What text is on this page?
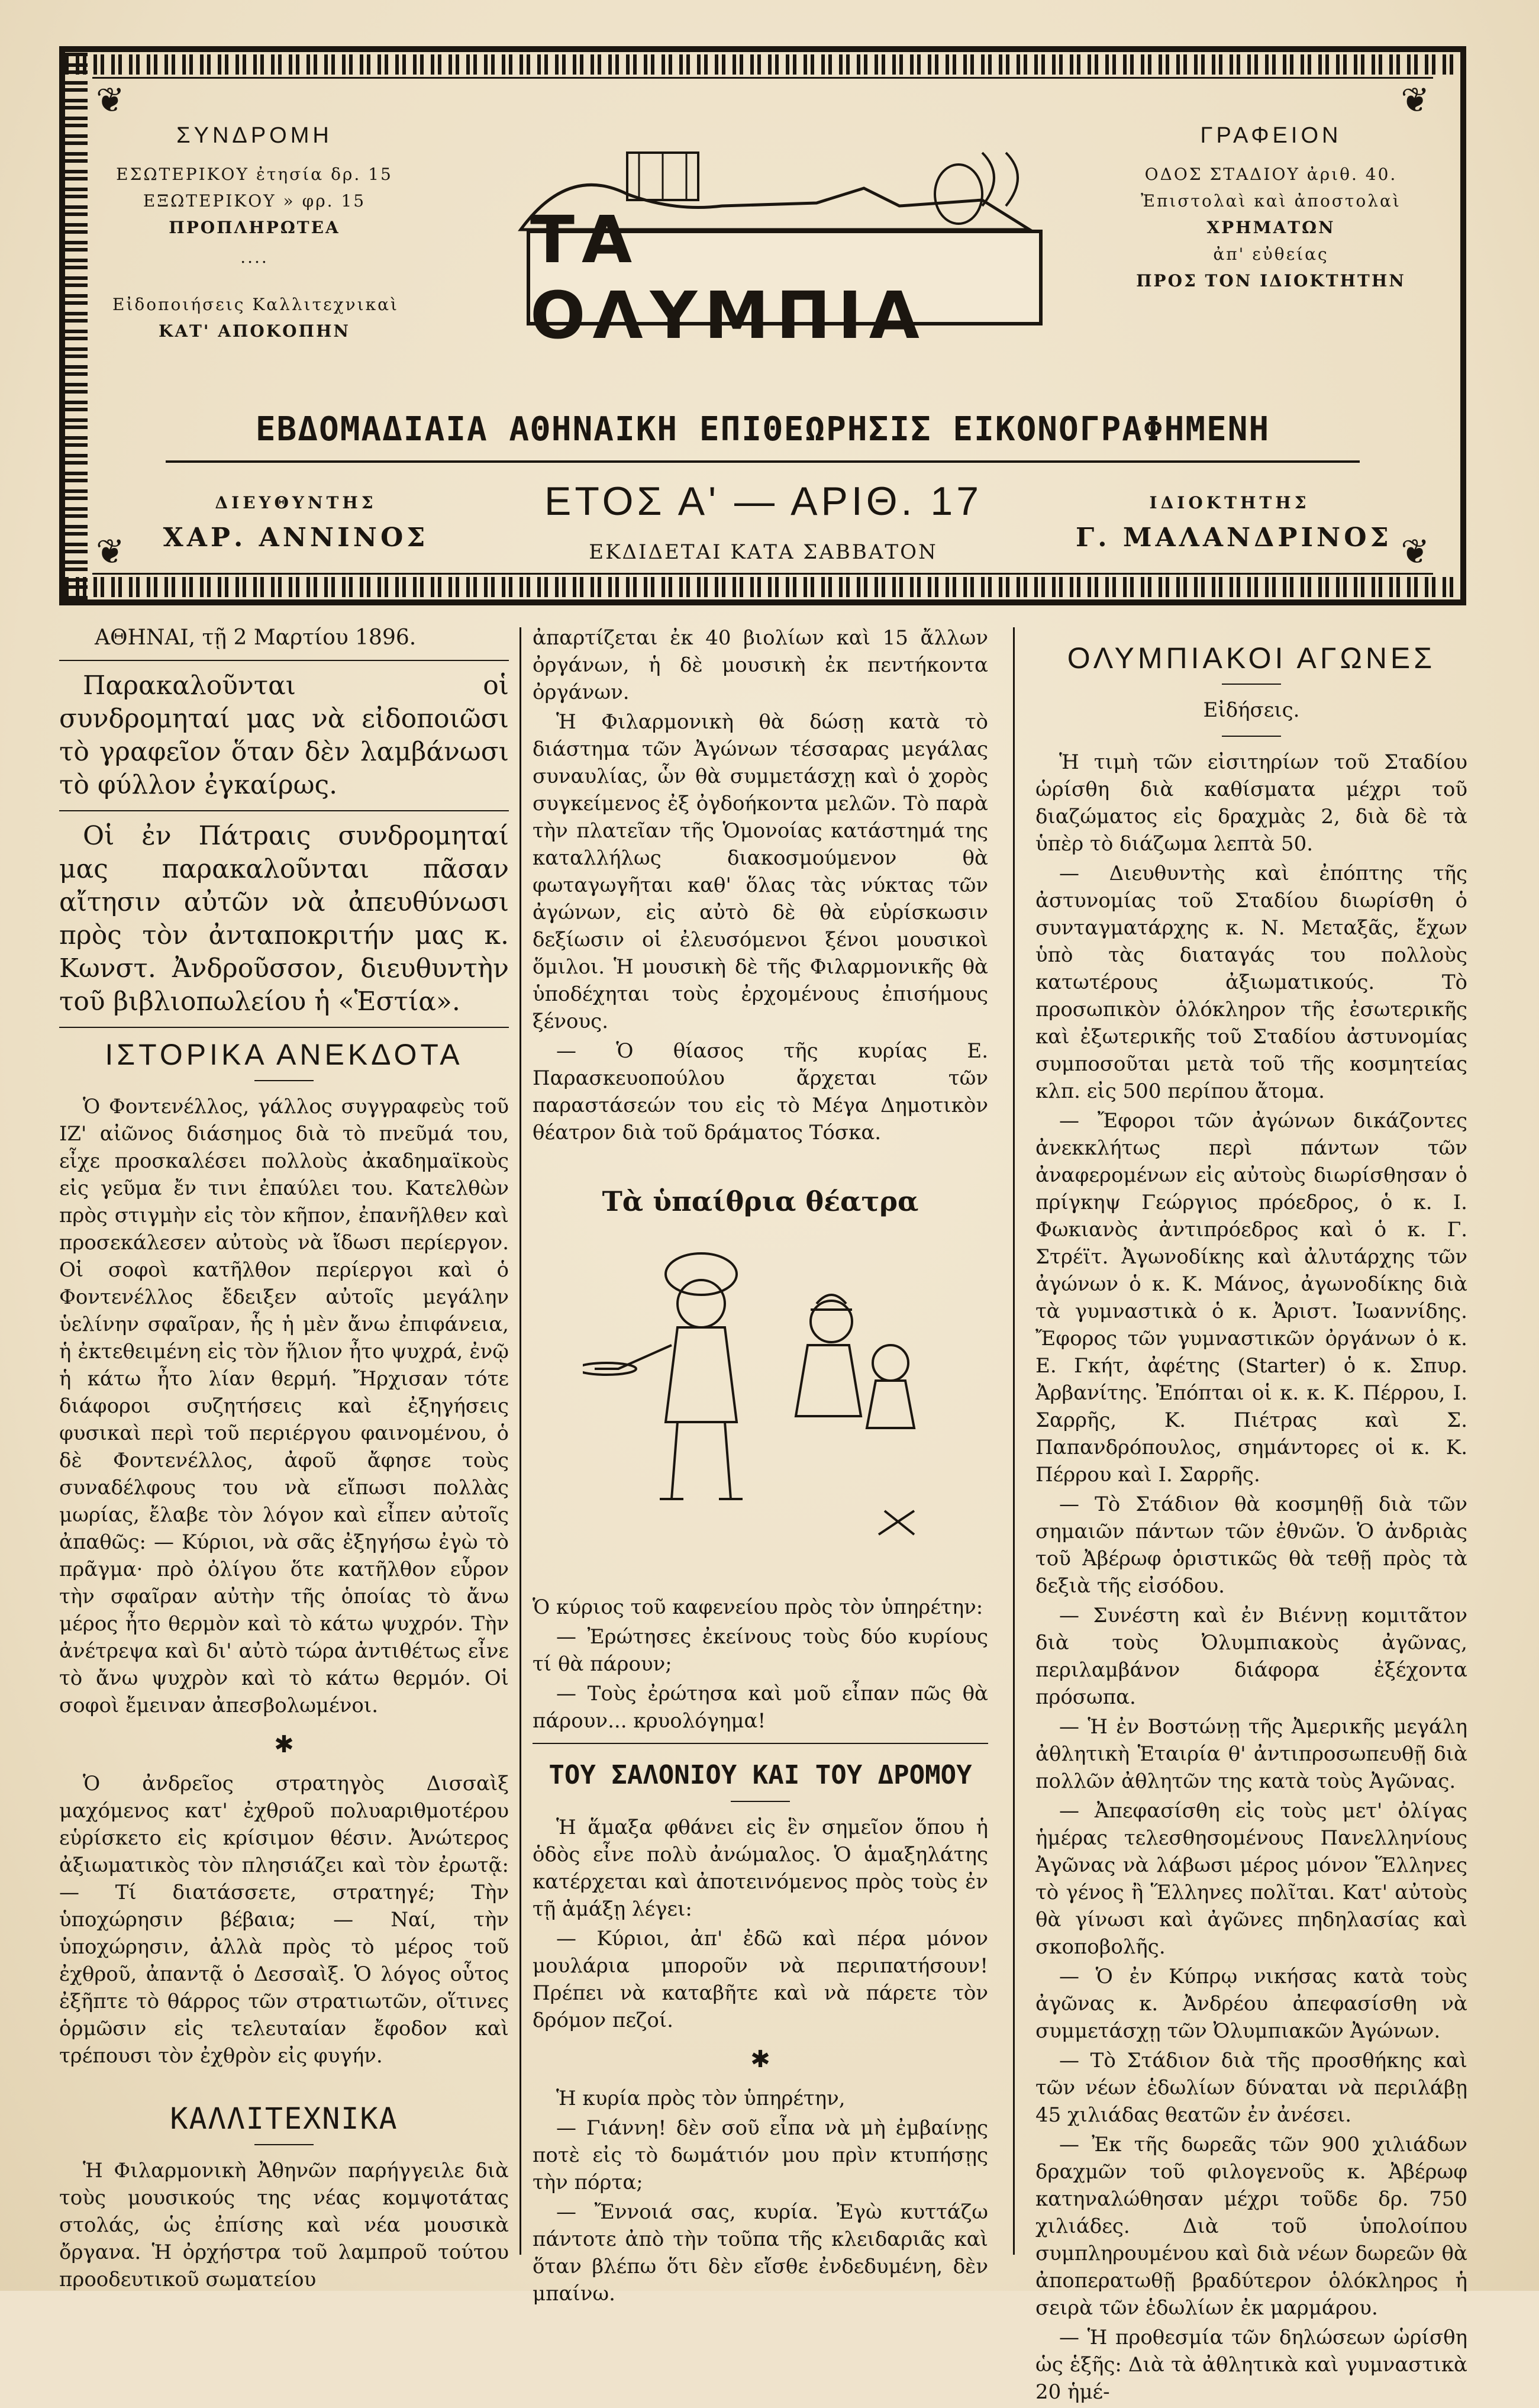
❦	❦
❦	❦
ΣΥΝΔΡΟΜΗ
ΕΣΩΤΕΡΙΚΟΥ ἐτησία δρ. 15
ΕΞΩΤΕΡΙΚΟΥ » φρ. 15
ΠΡΟΠΛΗΡΩΤΕΑ
....
Εἰδοποιήσεις Καλλιτεχνικαὶ
ΚΑΤ' ΑΠΟΚΟΠΗΝ
ΓΡΑΦΕΙΟΝ
ΟΔΟΣ ΣΤΑΔΙΟΥ ἀριθ. 40.
Ἐπιστολαὶ καὶ ἀποστολαὶ
ΧΡΗΜΑΤΩΝ
ἀπ' εὐθείας
ΠΡΟΣ ΤΟΝ ΙΔΙΟΚΤΗΤΗΝ
ΤΑ ΟΛΥΜΠΙΑ
ΕΒΔΟΜΑΔΙΑΙΑ ΑΘΗΝΑΙΚΗ ΕΠΙΘΕΩΡΗΣΙΣ ΕΙΚΟΝΟΓΡΑΦΗΜΕΝΗ
ΔΙΕΥΘΥΝΤΗΣ
ΧΑΡ. ΑΝΝΙΝΟΣ
ΕΤΟΣ Α' — ΑΡΙΘ. 17
ΕΚΔΙΔΕΤΑΙ ΚΑΤΑ ΣΑΒΒΑΤΟΝ
ΙΔΙΟΚΤΗΤΗΣ
Γ. ΜΑΛΑΝΔΡΙΝΟΣ

ΑΘΗΝΑΙ, τῇ 2 Μαρτίου 1896.

Παρακαλοῦνται οἱ συνδρομηταί μας νὰ εἰδοποιῶσι τὸ γραφεῖον ὅταν δὲν λαμβάνωσι τὸ φύλλον ἐγκαίρως.

Οἱ ἐν Πάτραις συνδρομηταί μας παρακαλοῦνται πᾶσαν αἴτησιν αὐτῶν νὰ ἀπευθύνωσι πρὸς τὸν ἀνταποκριτήν μας κ. Κωνστ. Ἀνδροῦσσον, διευθυντὴν τοῦ βιβλιοπωλείου ἡ «Ἑστία».

ΙΣΤΟΡΙΚΑ ΑΝΕΚΔΟΤΑ

Ὁ Φοντενέλλος, γάλλος συγγραφεὺς τοῦ ΙΖ' αἰῶνος διάσημος διὰ τὸ πνεῦμά του, εἶχε προσκαλέσει πολλοὺς ἀκαδημαϊκοὺς εἰς γεῦμα ἔν τινι ἐπαύλει του. Κατελθὼν πρὸς στιγμὴν εἰς τὸν κῆπον, ἐπανῆλθεν καὶ προσεκάλεσεν αὐτοὺς νὰ ἴδωσι περίεργον. Οἱ σοφοὶ κατῆλθον περίεργοι καὶ ὁ Φοντενέλλος ἔδειξεν αὐτοῖς μεγάλην ὑελίνην σφαῖραν, ἧς ἡ μὲν ἄνω ἐπιφάνεια, ἡ ἐκτεθειμένη εἰς τὸν ἥλιον ἦτο ψυχρά, ἐνῷ ἡ κάτω ἦτο λίαν θερμή. Ἤρχισαν τότε διάφοροι συζητήσεις καὶ ἐξηγήσεις φυσικαὶ περὶ τοῦ περιέργου φαινομένου, ὁ δὲ Φοντενέλλος, ἀφοῦ ἄφησε τοὺς συναδέλφους του νὰ εἴπωσι πολλὰς μωρίας, ἔλαβε τὸν λόγον καὶ εἶπεν αὐτοῖς ἀπαθῶς: — Κύριοι, νὰ σᾶς ἐξηγήσω ἐγὼ τὸ πρᾶγμα· πρὸ ὀλίγου ὅτε κατῆλθον εὗρον τὴν σφαῖραν αὐτὴν τῆς ὁποίας τὸ ἄνω μέρος ἦτο θερμὸν καὶ τὸ κάτω ψυχρόν. Τὴν ἀνέτρεψα καὶ δι' αὐτὸ τώρα ἀντιθέτως εἶνε τὸ ἄνω ψυχρὸν καὶ τὸ κάτω θερμόν. Οἱ σοφοὶ ἔμειναν ἀπεσβολωμένοι.

✱

Ὁ ἀνδρεῖος στρατηγὸς Δισσαὶξ μαχόμενος κατ' ἐχθροῦ πολυαριθμοτέρου εὑρίσκετο εἰς κρίσιμον θέσιν. Ἀνώτερος ἀξιωματικὸς τὸν πλησιάζει καὶ τὸν ἐρωτᾷ: — Τί διατάσσετε, στρατηγέ; Τὴν ὑποχώρησιν βέβαια; — Ναί, τὴν ὑποχώρησιν, ἀλλὰ πρὸς τὸ μέρος τοῦ ἐχθροῦ, ἀπαντᾷ ὁ Δεσσαὶξ. Ὁ λόγος οὗτος ἐξῆπτε τὸ θάρρος τῶν στρατιωτῶν, οἵτινες ὁρμῶσιν εἰς τελευταίαν ἔφοδον καὶ τρέπουσι τὸν ἐχθρὸν εἰς φυγήν.

ΚΑΛΛΙΤΕΧΝΙΚΑ

Ἡ Φιλαρμονικὴ Ἀθηνῶν παρήγγειλε διὰ τοὺς μουσικούς της νέας κομψοτάτας στολάς, ὡς ἐπίσης καὶ νέα μουσικὰ ὄργανα. Ἡ ὀρχήστρα τοῦ λαμπροῦ τούτου προοδευτικοῦ σωματείου

ἀπαρτίζεται ἐκ 40 βιολίων καὶ 15 ἄλλων ὀργάνων, ἡ δὲ μουσικὴ ἐκ πεντήκοντα ὀργάνων.

Ἡ Φιλαρμονικὴ θὰ δώσῃ κατὰ τὸ διάστημα τῶν Ἀγώνων τέσσαρας μεγάλας συναυλίας, ὧν θὰ συμμετάσχῃ καὶ ὁ χορὸς συγκείμενος ἐξ ὀγδοήκοντα μελῶν. Τὸ παρὰ τὴν πλατεῖαν τῆς Ὁμονοίας κατάστημά της καταλλήλως διακοσμούμενον θὰ φωταγωγῆται καθ' ὅλας τὰς νύκτας τῶν ἀγώνων, εἰς αὐτὸ δὲ θὰ εὑρίσκωσιν δεξίωσιν οἱ ἐλευσόμενοι ξένοι μουσικοὶ ὅμιλοι. Ἡ μουσικὴ δὲ τῆς Φιλαρμονικῆς θὰ ὑποδέχηται τοὺς ἐρχομένους ἐπισήμους ξένους.

— Ὁ θίασος τῆς κυρίας Ε. Παρασκευοπούλου ἄρχεται τῶν παραστάσεών του εἰς τὸ Μέγα Δημοτικὸν θέατρον διὰ τοῦ δράματος Τόσκα.

Τὰ ὑπαίθρια θέατρα

Ὁ κύριος τοῦ καφενείου πρὸς τὸν ὑπηρέτην:

— Ἐρώτησες ἐκείνους τοὺς δύο κυρίους τί θὰ πάρουν;

— Τοὺς ἐρώτησα καὶ μοῦ εἶπαν πῶς θὰ πάρουν... κρυολόγημα!

ΤΟΥ ΣΑΛΟΝΙΟΥ ΚΑΙ ΤΟΥ ΔΡΟΜΟΥ

Ἡ ἅμαξα φθάνει εἰς ἓν σημεῖον ὅπου ἡ ὁδὸς εἶνε πολὺ ἀνώμαλος. Ὁ ἁμαξηλάτης κατέρχεται καὶ ἀποτεινόμενος πρὸς τοὺς ἐν τῇ ἁμάξῃ λέγει:

— Κύριοι, ἀπ' ἐδῶ καὶ πέρα μόνον μουλάρια μποροῦν νὰ περιπατήσουν! Πρέπει νὰ καταβῆτε καὶ νὰ πάρετε τὸν δρόμον πεζοί.

✱

Ἡ κυρία πρὸς τὸν ὑπηρέτην,

— Γιάννη! δὲν σοῦ εἶπα νὰ μὴ ἐμβαίνῃς ποτὲ εἰς τὸ δωμάτιόν μου πρὶν κτυπήσῃς τὴν πόρτα;

— Ἔννοιά σας, κυρία. Ἐγὼ κυττάζω πάντοτε ἀπὸ τὴν τοῦπα τῆς κλειδαριᾶς καὶ ὅταν βλέπω ὅτι δὲν εἴσθε ἐνδεδυμένη, δὲν μπαίνω.

ΟΛΥΜΠΙΑΚΟΙ ΑΓΩΝΕΣ

Εἰδήσεις.

Ἡ τιμὴ τῶν εἰσιτηρίων τοῦ Σταδίου ὡρίσθη διὰ καθίσματα μέχρι τοῦ διαζώματος εἰς δραχμὰς 2, διὰ δὲ τὰ ὑπὲρ τὸ διάζωμα λεπτὰ 50.

— Διευθυντὴς καὶ ἐπόπτης τῆς ἀστυνομίας τοῦ Σταδίου διωρίσθη ὁ συνταγματάρχης κ. Ν. Μεταξᾶς, ἔχων ὑπὸ τὰς διαταγάς του πολλοὺς κατωτέρους ἀξιωματικούς. Τὸ προσωπικὸν ὁλόκληρον τῆς ἐσωτερικῆς καὶ ἐξωτερικῆς τοῦ Σταδίου ἀστυνομίας συμποσοῦται μετὰ τοῦ τῆς κοσμητείας κλπ. εἰς 500 περίπου ἄτομα.

— Ἔφοροι τῶν ἀγώνων δικάζοντες ἀνεκκλήτως περὶ πάντων τῶν ἀναφερομένων εἰς αὐτοὺς διωρίσθησαν ὁ πρίγκηψ Γεώργιος πρόεδρος, ὁ κ. Ι. Φωκιανὸς ἀντιπρόεδρος καὶ ὁ κ. Γ. Στρέϊτ. Ἀγωνοδίκης καὶ ἀλυτάρχης τῶν ἀγώνων ὁ κ. Κ. Μάνος, ἀγωνοδίκης διὰ τὰ γυμναστικὰ ὁ κ. Ἀριστ. Ἰωαννίδης. Ἔφορος τῶν γυμναστικῶν ὀργάνων ὁ κ. Ε. Γκήτ, ἀφέτης (Starter) ὁ κ. Σπυρ. Ἀρβανίτης. Ἐπόπται οἱ κ. κ. Κ. Πέρρου, Ι. Σαρρῆς, Κ. Πιέτρας καὶ Σ. Παπανδρόπουλος, σημάντορες οἱ κ. Κ. Πέρρου καὶ Ι. Σαρρῆς.

— Τὸ Στάδιον θὰ κοσμηθῇ διὰ τῶν σημαιῶν πάντων τῶν ἐθνῶν. Ὁ ἀνδριὰς τοῦ Ἀβέρωφ ὁριστικῶς θὰ τεθῇ πρὸς τὰ δεξιὰ τῆς εἰσόδου.

— Συνέστη καὶ ἐν Βιέννῃ κομιτᾶτον διὰ τοὺς Ὀλυμπιακοὺς ἀγῶνας, περιλαμβάνον διάφορα ἐξέχοντα πρόσωπα.

— Ἡ ἐν Βοστώνῃ τῆς Ἀμερικῆς μεγάλη ἀθλητικὴ Ἑταιρία θ' ἀντιπροσωπευθῇ διὰ πολλῶν ἀθλητῶν της κατὰ τοὺς Ἀγῶνας.

— Ἀπεφασίσθη εἰς τοὺς μετ' ὀλίγας ἡμέρας τελεσθησομένους Πανελληνίους Ἀγῶνας νὰ λάβωσι μέρος μόνον Ἕλληνες τὸ γένος ἢ Ἕλληνες πολῖται. Κατ' αὐτοὺς θὰ γίνωσι καὶ ἀγῶνες πηδηλασίας καὶ σκοποβολῆς.

— Ὁ ἐν Κύπρῳ νικήσας κατὰ τοὺς ἀγῶνας κ. Ἀνδρέου ἀπεφασίσθη νὰ συμμετάσχῃ τῶν Ὀλυμπιακῶν Ἀγώνων.

— Τὸ Στάδιον διὰ τῆς προσθήκης καὶ τῶν νέων ἑδωλίων δύναται νὰ περιλάβῃ 45 χιλιάδας θεατῶν ἐν ἀνέσει.

— Ἐκ τῆς δωρεᾶς τῶν 900 χιλιάδων δραχμῶν τοῦ φιλογενοῦς κ. Ἀβέρωφ κατηναλώθησαν μέχρι τοῦδε δρ. 750 χιλιάδες. Διὰ τοῦ ὑπολοίπου συμπληρουμένου καὶ διὰ νέων δωρεῶν θὰ ἀποπερατωθῇ βραδύτερον ὁλόκληρος ἡ σειρὰ τῶν ἑδωλίων ἐκ μαρμάρου.

— Ἡ προθεσμία τῶν δηλώσεων ὡρίσθη ὡς ἑξῆς: Διὰ τὰ ἀθλητικὰ καὶ γυμναστικὰ 20 ἡμέ-
